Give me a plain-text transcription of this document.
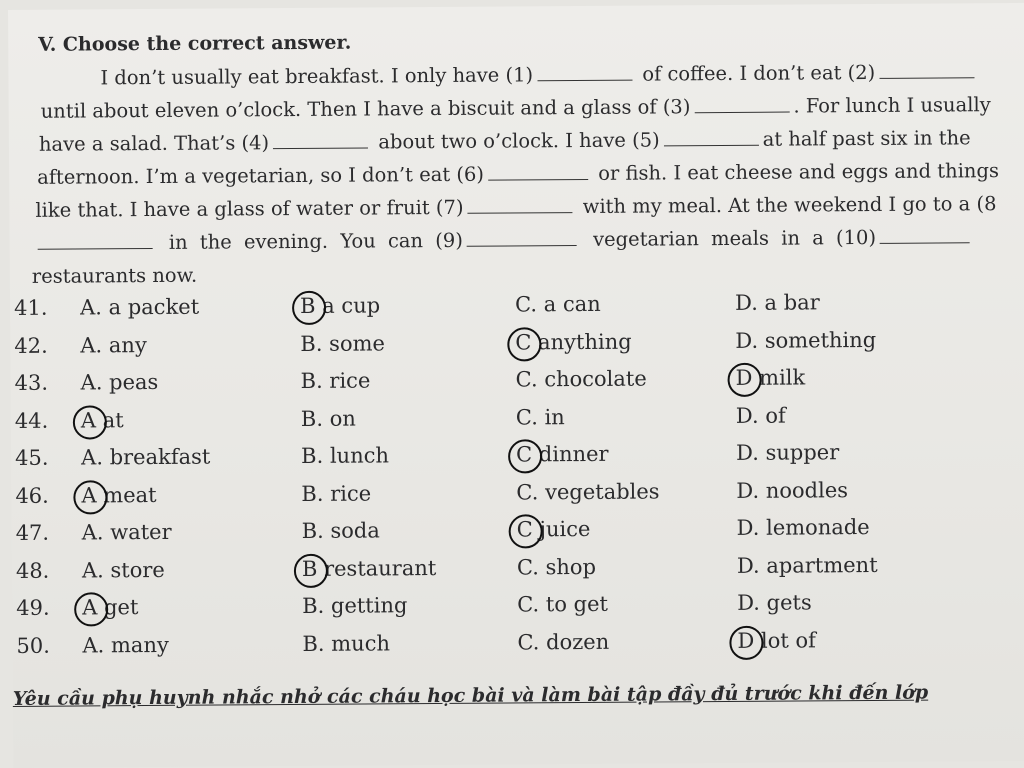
V. Choose the correct answer.
I don’t usually eat breakfast. I only have (1)	of coffee. I don’t eat (2)
until about eleven o’clock. Then I have a biscuit and a glass of (3)	. For lunch I usually
have a salad. That’s (4)	about two o’clock. I have (5)	at half past six in the
afternoon. I’m a vegetarian, so I don’t eat (6)	or fish. I eat cheese and eggs and things
like that. I have a glass of water or fruit (7)	with my meal. At the weekend I go to a (8
in the evening. You can (9)	vegetarian meals in a (10)
restaurants now.
41. A. a packet	B a cup	C. a can	D. a bar
42. A. any	B. some	C anything	D. something
43. A. peas	B. rice	C. chocolate	D milk
44. A at	B. on	C. in	D. of
45. A. breakfast	B. lunch	C dinner	D. supper
46. A meat	B. rice	C. vegetables	D. noodles
47. A. water	B. soda	C juice	D. lemonade
48. A. store	B restaurant	C. shop	D. apartment
49. A get	B. getting	C. to get	D. gets
50. A. many	B. much	C. dozen	D lot of
Yêu cầu phụ huynh nhắc nhở các cháu học bài và làm bài tập đầy đủ trước khi đến lớp
